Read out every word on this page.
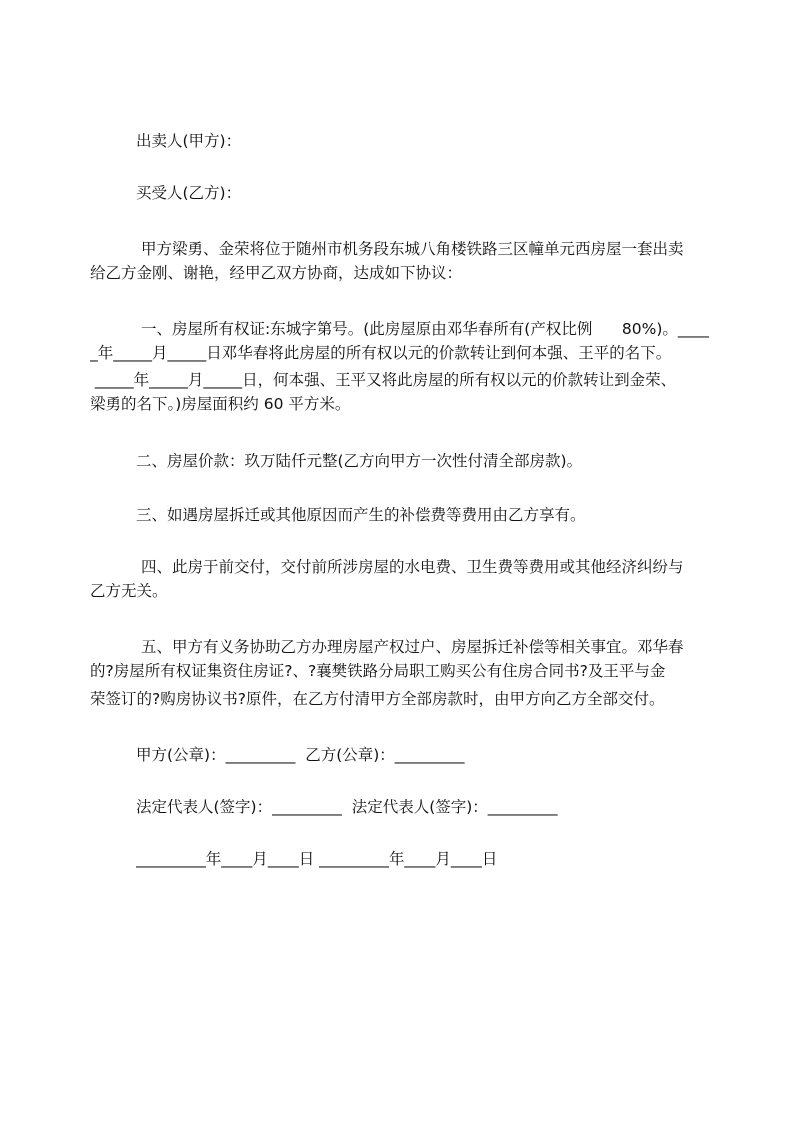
出卖人(甲方)：
买受人(乙方)：
甲方梁勇、金荣将位于随州市机务段东城八角楼铁路三区幢单元西房屋一套出卖
给乙方金刚、谢艳，经甲乙双方协商，达成如下协议：
一、房屋所有权证:东城字第号。(此房屋原由邓华春所有(产权比例      80%)。____
_年_____月_____日邓华春将此房屋的所有权以元的价款转让到何本强、王平的名下。
_____年_____月_____日，何本强、王平又将此房屋的所有权以元的价款转让到金荣、
梁勇的名下。)房屋面积约 60 平方米。
二、房屋价款：玖万陆仟元整(乙方向甲方一次性付清全部房款)。
三、如遇房屋拆迁或其他原因而产生的补偿费等费用由乙方享有。
四、此房于前交付，交付前所涉房屋的水电费、卫生费等费用或其他经济纠纷与
乙方无关。
五、甲方有义务协助乙方办理房屋产权过户、房屋拆迁补偿等相关事宜。邓华春
的?房屋所有权证集资住房证?、?襄樊铁路分局职工购买公有住房合同书?及王平与金
荣签订的?购房协议书?原件，在乙方付清甲方全部房款时，由甲方向乙方全部交付。
甲方(公章)：_________  乙方(公章)：_________
法定代表人(签字)：_________  法定代表人(签字)：_________
_________年____月____日 _________年____月____日
